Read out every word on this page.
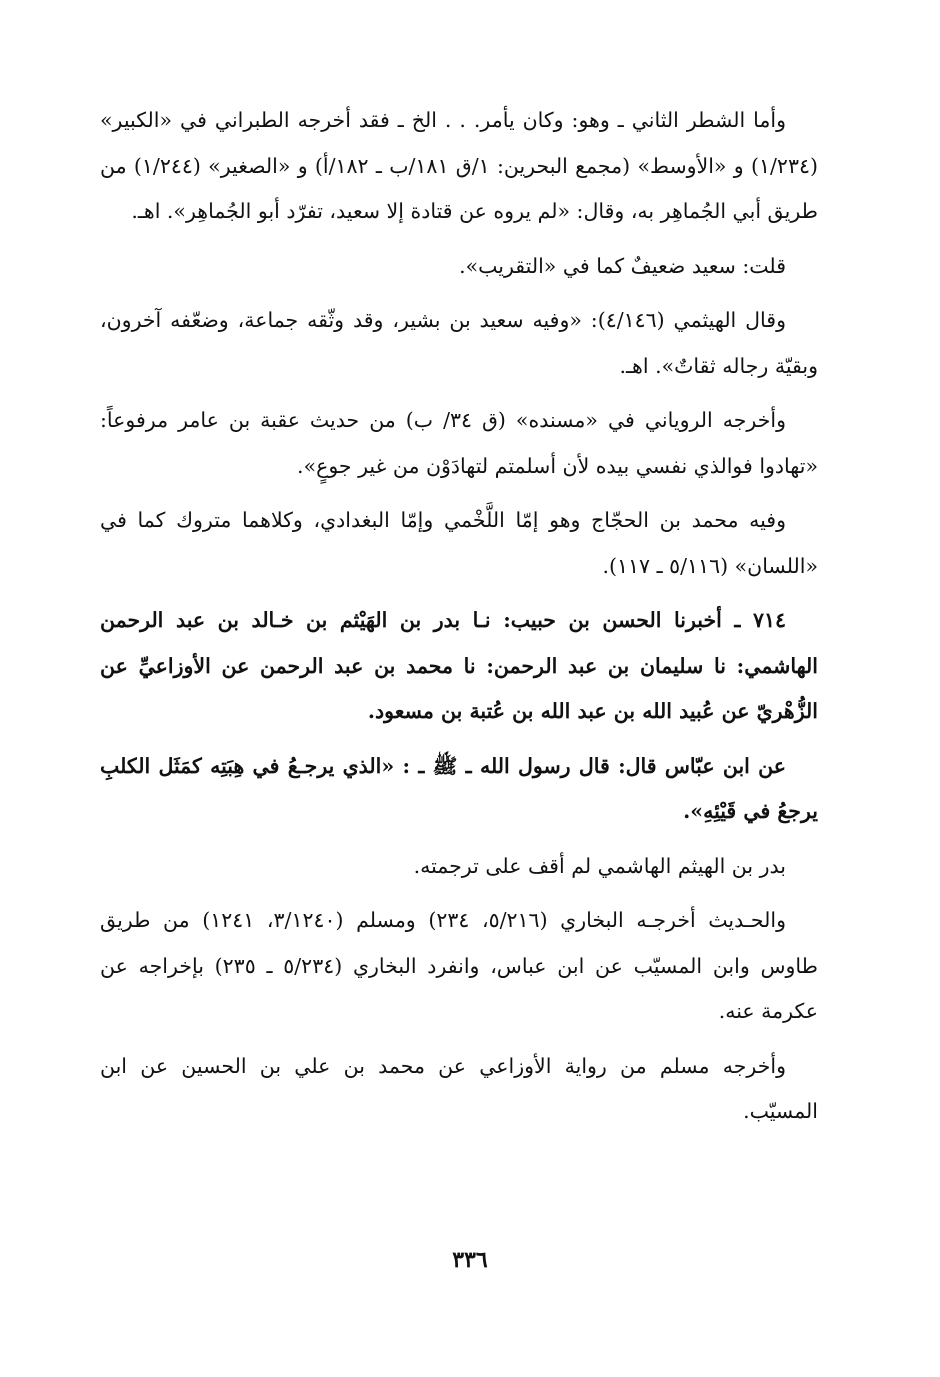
وأما الشطر الثاني ـ وهو: وكان يأمر. . . الخ ـ فقد أخرجه الطبراني في «الكبير» (١/٢٣٤) و «الأوسط» (مجمع البحرين: ١/ق ١٨١/ب ـ ١٨٢/أ) و «الصغير» (١/٢٤٤) من طريق أبي الجُماهِر به، وقال: «لم يروه عن قتادة إلا سعيد، تفرّد أبو الجُماهِر». اهـ.

قلت: سعيد ضعيفٌ كما في «التقريب».

وقال الهيثمي (٤/١٤٦): «وفيه سعيد بن بشير، وقد وثّقه جماعة، وضعّفه آخرون، وبقيّة رجاله ثقاتٌ». اهـ.

وأخرجه الروياني في «مسنده» (ق ٣٤/ ب) من حديث عقبة بن عامر مرفوعاً: «تهادوا فوالذي نفسي بيده لأن أسلمتم لتهادَوْن من غير جوعٍ».

وفيه محمد بن الحجّاج وهو إمّا اللَّخْمي وإمّا البغدادي، وكلاهما متروك كما في «اللسان» (٥/١١٦ ـ ١١٧).

٧١٤ ـ أخبرنا الحسن بن حبيب: نـا بدر بن الهَيْثم بن خـالد بن عبد الرحمن الهاشمي: نا سليمان بن عبد الرحمن: نا محمد بن عبد الرحمن عن الأوزاعيِّ عن الزُّهْريّ عن عُبيد الله بن عبد الله بن عُتبة بن مسعود.

عن ابن عبّاس قال: قال رسول الله ـ ﷺ ـ : «الذي يرجـعُ في هِبَتِه كمَثَل الكلبِ يرجعُ في قَيْئِهِ».

بدر بن الهيثم الهاشمي لم أقف على ترجمته.

والحـديث أخرجـه البخاري (٥/٢١٦، ٢٣٤) ومسلم (٣/١٢٤٠، ١٢٤١) من طريق طاوس وابن المسيّب عن ابن عباس، وانفرد البخاري (٥/٢٣٤ ـ ٢٣٥) بإخراجه عن عكرمة عنه.

وأخرجه مسلم من رواية الأوزاعي عن محمد بن علي بن الحسين عن ابن المسيّب.

٣٣٦
